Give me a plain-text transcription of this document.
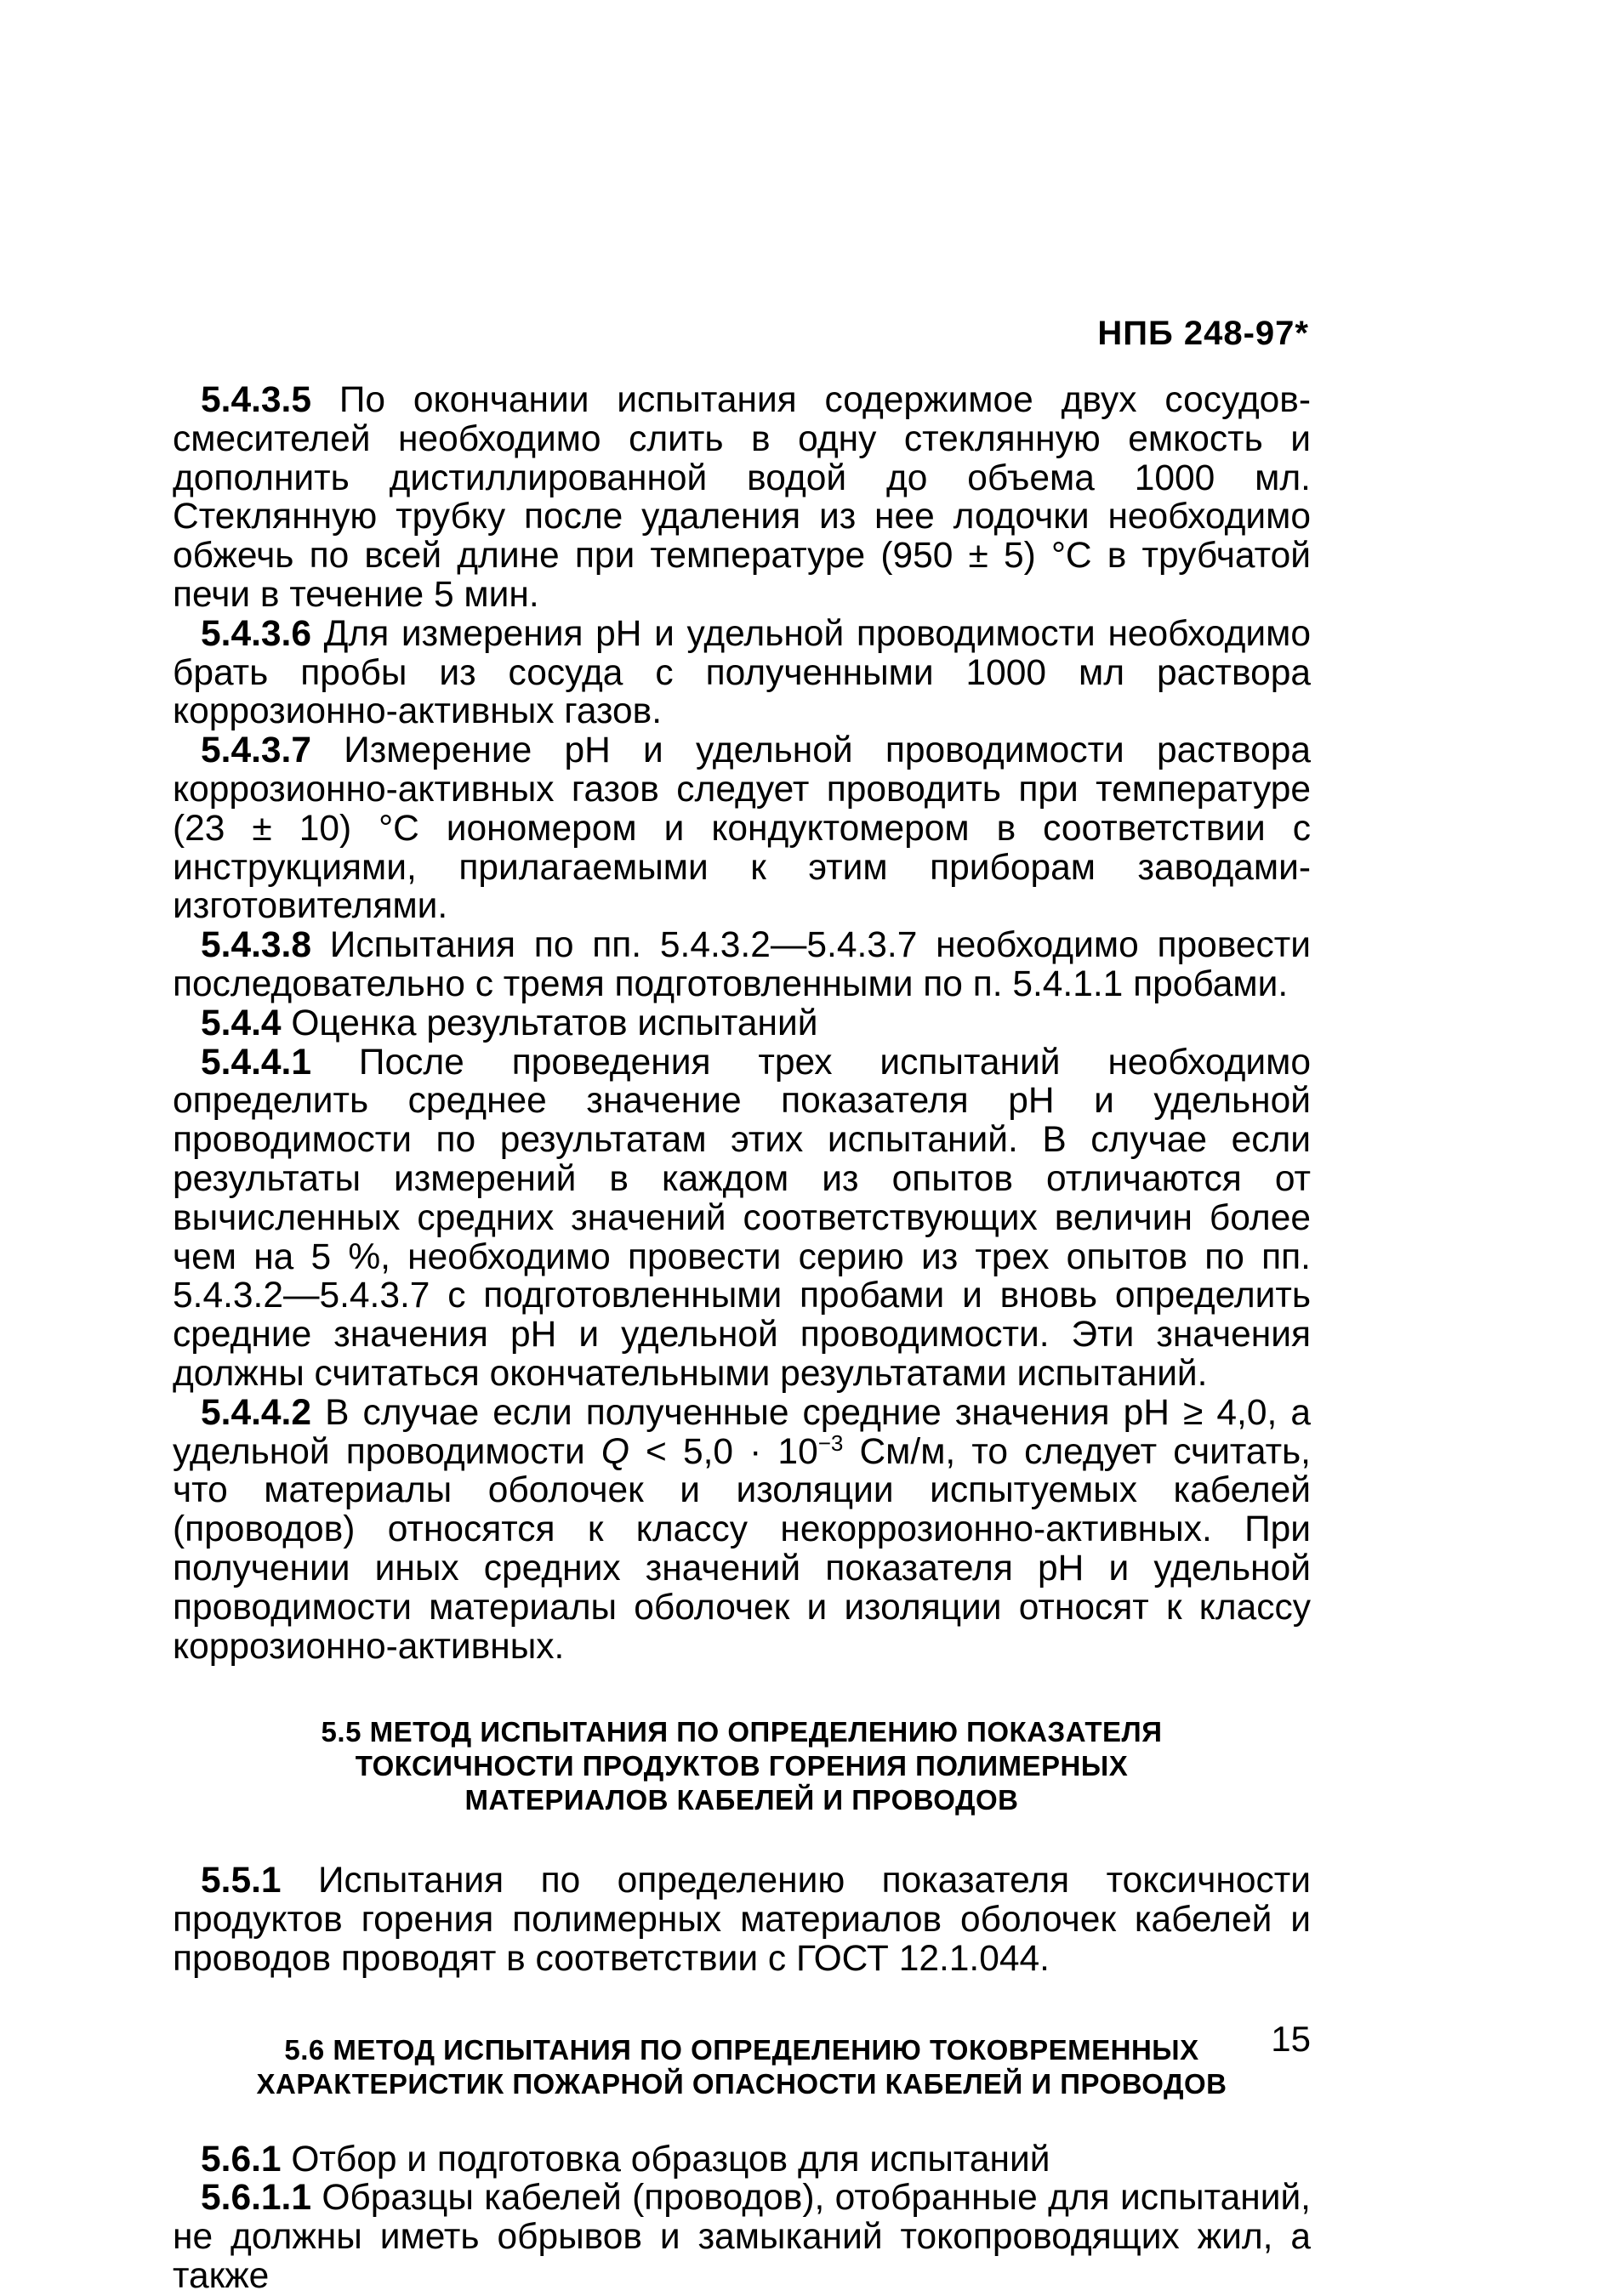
НПБ 248-97*

5.4.3.5 По окончании испытания содержимое двух сосудов-смесителей необходимо слить в одну стеклянную емкость и дополнить дистиллированной водой до объема 1000 мл. Стеклянную трубку после удаления из нее лодочки необходимо обжечь по всей длине при температуре (950 ± 5) °С в трубчатой печи в течение 5 мин.

5.4.3.6 Для измерения рН и удельной проводимости необходимо брать пробы из сосуда с полученными 1000 мл раствора коррозионно-активных газов.

5.4.3.7 Измерение рН и удельной проводимости раствора коррозионно-активных газов следует проводить при температуре (23 ± 10) °С иономером и кондуктомером в соответствии с инструкциями, прилагаемыми к этим приборам заводами-изготовителями.

5.4.3.8 Испытания по пп. 5.4.3.2—5.4.3.7 необходимо провести последовательно с тремя подготовленными по п. 5.4.1.1 пробами.

5.4.4 Оценка результатов испытаний

5.4.4.1 После проведения трех испытаний необходимо определить среднее значение показателя рН и удельной проводимости по результатам этих испытаний. В случае если результаты измерений в каждом из опытов отличаются от вычисленных средних значений соответствующих величин более чем на 5 %, необходимо провести серию из трех опытов по пп. 5.4.3.2—5.4.3.7 с подготовленными пробами и вновь определить средние значения рН и удельной проводимости. Эти значения должны считаться окончательными результатами испытаний.

5.4.4.2 В случае если полученные средние значения рН ≥ 4,0, а удельной проводимости $Q < 5,0 \cdot 10^{-3}$ См/м, то следует считать, что материалы оболочек и изоляции испытуемых кабелей (проводов) относятся к классу некоррозионно-активных. При получении иных средних значений показателя рН и удельной проводимости материалы оболочек и изоляции относят к классу коррозионно-активных.

5.5 МЕТОД ИСПЫТАНИЯ ПО ОПРЕДЕЛЕНИЮ ПОКАЗАТЕЛЯ
ТОКСИЧНОСТИ ПРОДУКТОВ ГОРЕНИЯ ПОЛИМЕРНЫХ
МАТЕРИАЛОВ КАБЕЛЕЙ И ПРОВОДОВ

5.5.1 Испытания по определению показателя токсичности продуктов горения полимерных материалов оболочек кабелей и проводов проводят в соответствии с ГОСТ 12.1.044.

5.6 МЕТОД ИСПЫТАНИЯ ПО ОПРЕДЕЛЕНИЮ ТОКОВРЕМЕННЫХ
ХАРАКТЕРИСТИК ПОЖАРНОЙ ОПАСНОСТИ КАБЕЛЕЙ И ПРОВОДОВ

5.6.1 Отбор и подготовка образцов для испытаний

5.6.1.1 Образцы кабелей (проводов), отобранные для испытаний, не должны иметь обрывов и замыканий токопроводящих жил, а также

15
